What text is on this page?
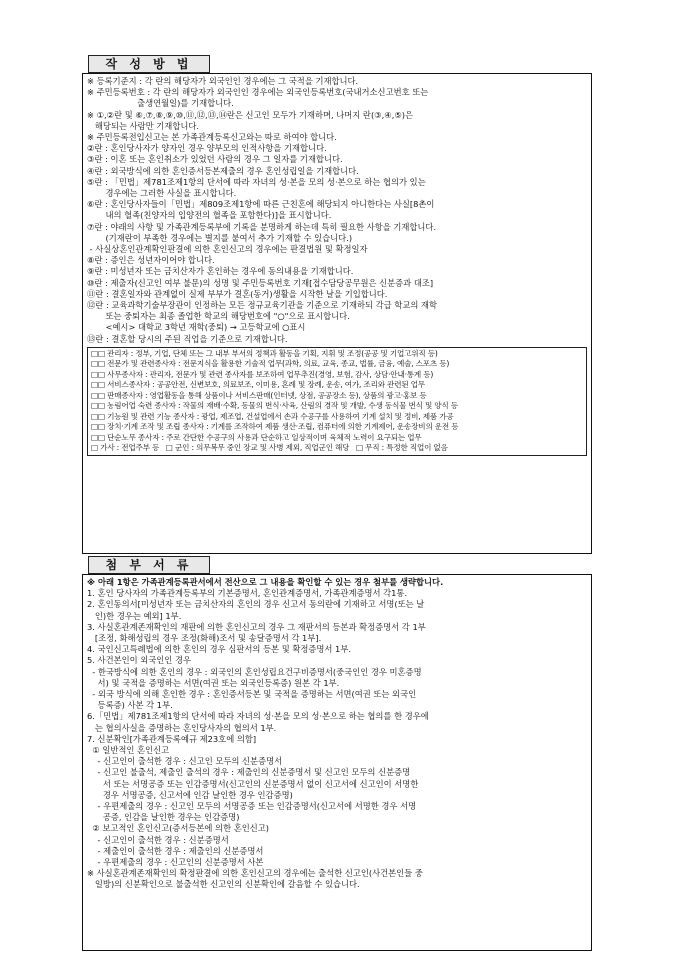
작 성 방 법
※ 등록기준지 : 각 란의 해당자가 외국인인 경우에는 그 국적을 기재합니다.
※ 주민등록번호 : 각 란의 해당자가 외국인인 경우에는 외국인등록번호(국내거소신고번호 또는
출생연월일)를 기재합니다.
※ ①,②란 및 ⑥,⑦,⑧,⑨,⑩,⑪,⑫,⑬,⑭란은 신고인 모두가 기재하며, 나머지 란(③,④,⑤)은
해당되는 사람만 기재합니다.
※ 주민등록전입신고는 본 가족관계등록신고와는 따로 하여야 합니다.
②란 : 혼인당사자가 양자인 경우 양부모의 인적사항을 기재합니다.
③란 : 이혼 또는 혼인취소가 있었던 사람의 경우 그 일자를 기재합니다.
④란 : 외국방식에 의한 혼인증서등본제출의 경우 혼인성립일을 기재합니다.
⑤란 : 「민법」제781조제1항의 단서에 따라 자녀의 성·본을 모의 성·본으로 하는 협의가 있는
경우에는 그러한 사실을 표시합니다.
⑥란 : 혼인당사자들이「민법」제809조제1항에 따른 근친혼에 해당되지 아니한다는 사실[8촌이
내의 혈족(친양자의 입양전의 혈족을 포함한다)]을 표시합니다.
⑦란 : 야래의 사항 및 가족관계등록부에 기록을 분명하게 하는데 특히 필요한 사항을 기재합니다.
(기재란이 부족한 경우에는 별지를 붙여서 추가 기재할 수 있습니다.)
- 사실상혼인관계확인판결에 의한 혼인신고의 경우에는 판결법원 및 확정일자
⑧란 : 증인은 성년자이어야 합니다.
⑨란 : 미성년자 또는 금치산자가 혼인하는 경우에 동의내용을 기재합니다.
⑩란 : 제출자(신고인 여부 불문)의 성명 및 주민등록번호 기재[접수담당공무원은 신분증과 대조]
⑪란 : 결혼일자와 관계없이 실제 부부가 결혼(동거)생활을 시작한 날을 기입합니다.
⑫란 : 교육과학기술부장관이 인정하는 모든 정규교육기관을 기준으로 기재하되 각급 학교의 재학
또는 중퇴자는 최종 졸업한 학교의 해당번호에 "○"으로 표시합니다.
<예시> 대학교 3학년 재학(중퇴) → 고등학교에 ○표시
⑬란 : 결혼할 당시의 주된 직업을 기준으로 기재합니다.
□□ 관리자 : 정부, 기업, 단체 또는 그 내부 부서의 정책과 활동을 기획, 지휘 및 조정(공공 및 기업고위직 등)
□□ 전문가 및 관련종사자 : 전문지식을 활용한 기술적 업무(과학, 의료, 교육, 종교, 법률, 금융, 예술, 스포츠 등)
□□ 사무종사자 : 관리자, 전문가 및 관련 종사자를 보조하여 업무추진(경영, 보험, 감사, 상담·안내·통계 등)
□□ 서비스종사자 : 공공안전, 신변보호, 의료보조, 이미용, 혼례 및 장례, 운송, 여가, 조리와 관련된 업무
□□ 판매종사자 : 영업활동을 통해 상품이나 서비스판매(인터넷, 상점, 공공장소 등), 상품의 광고·홍보 등
□□ 농림어업 숙련 종사자 : 작물의 재배·수확, 동물의 번식·사육, 산림의 경작 및 개발, 수생 동식물 번식 및 양식 등
□□ 기능원 및 관련 기능 종사자 : 광업, 제조업, 건설업에서 손과 수공구를 사용하여 기계 설치 및 정비, 제품 가공
□□ 장치·기계 조작 및 조립 종사자 : 기계를 조작하여 제품 생산·조립, 컴퓨터에 의한 기계제어, 운송장비의 운전 등
□□ 단순노무 종사자 : 주로 간단한 수공구의 사용과 단순하고 일상적이며 육체적 노력이 요구되는 업무
□ 가사 : 전업주부 등   □ 군인 : 의무복무 중인 장교 및 사병 제외, 직업군인 해당   □ 무직 : 특정한 직업이 없음
첨 부 서 류
※ 아래 1항은 가족관계등록관서에서 전산으로 그 내용을 확인할 수 있는 경우 첨부를 생략합니다.
1. 혼인 당사자의 가족관계등록부의 기본증명서, 혼인관계증명서, 가족관계증명서 각1통.
2. 혼인동의서[미성년자 또는 금치산자의 혼인의 경우 신고서 동의란에 기재하고 서명(또는 날
인)한 경우는 예외] 1부.
3. 사실혼관계존재확인의 재판에 의한 혼인신고의 경우 그 재판서의 등본과 확정증명서 각 1부
[조정, 화해성립의 경우 조정(화해)조서 및 송달증명서 각 1부].
4. 국인신고특례법에 의한 혼인의 경우 심판서의 등본 및 확정증명서 1부.
5. 사건본인이 외국인인 경우
- 한국방식에 의한 혼인의 경우 : 외국인의 혼인성립요건구비증명서(중국인인 경우 미혼증명
서) 및 국적을 증명하는 서면(여권 또는 외국인등록증) 원본 각 1부.
- 외국 방식에 의해 혼인한 경우 : 혼인증서등본 및 국적을 증명하는 서면(여권 또는 외국인
등록증) 사본 각 1부.
6.「민법」제781조제1항의 단서에 따라 자녀의 성·본을 모의 성·본으로 하는 협의를 한 경우에
는 협의사실을 증명하는 혼인당사자의 협의서 1부.
7. 신분확인[가족관계등록예규 제23호에 의함]
① 일반적인 혼인신고
- 신고인이 출석한 경우 : 신고인 모두의 신분증명서
- 신고인 불출석, 제출인 출석의 경우 : 제출인의 신분증명서 및 신고인 모두의 신분증명
서 또는 서명공증 또는 인감증명서(신고인의 신분증명서 없이 신고서에 신고인이 서명한
경우 서명공증, 신고서에 인감 날인한 경우 인감증명)
- 우편제출의 경우 : 신고인 모두의 서명공증 또는 인감증명서(신고서에 서명한 경우 서명
공증, 인감을 날인한 경우는 인감증명)
② 보고적인 혼인신고(증서등본에 의한 혼인신고)
- 신고인이 출석한 경우 : 신분증명서
- 제출인이 출석한 경우 : 제출인의 신분증명서
- 우편제출의 경우 : 신고인의 신분증명서 사본
※ 사실혼관계존재확인의 확정판결에 의한 혼인신고의 경우에는 출석한 신고인(사건본인들 중
일방)의 신분확인으로 불출석한 신고인의 신분확인에 갈음할 수 있습니다.
